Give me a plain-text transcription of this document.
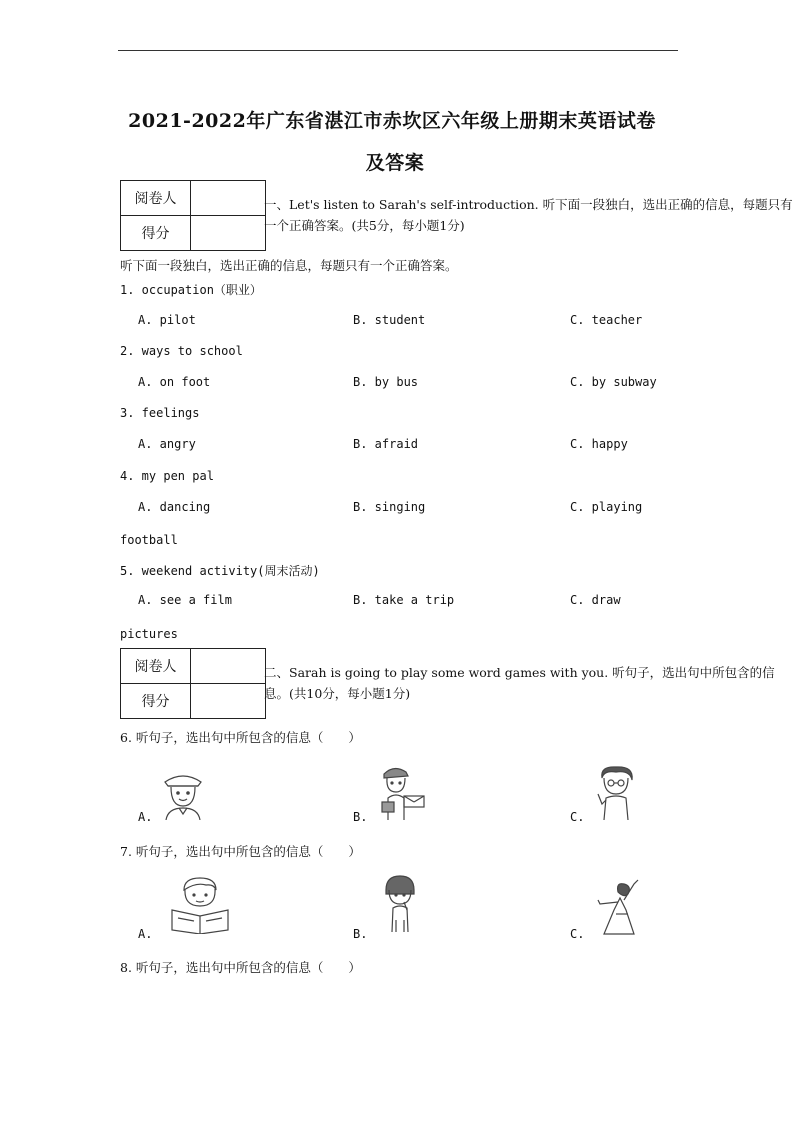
2021-2022年广东省湛江市赤坎区六年级上册期末英语试卷
及答案
阅卷人	
得分	
一、Let's listen to Sarah's self-introduction. 听下面一段独白，选出正确的信息，每题只有一个正确答案。(共5分，每小题1分)
听下面一段独白，选出正确的信息，每题只有一个正确答案。
1. occupation（职业）
A. pilot	B. student	C. teacher
2. ways to school
A. on foot	B. by bus	C. by subway
3. feelings
A. angry	B. afraid	C. happy
4. my pen pal
A. dancing	B. singing	C. playing
football
5. weekend activity(周末活动)
A. see a film	B. take a trip	C. draw
pictures
阅卷人	
得分	
二、Sarah is going to play some word games with you. 听句子，选出句中所包含的信息。(共10分，每小题1分)
6. 听句子，选出句中所包含的信息（　　）
A.	B.	C.
7. 听句子，选出句中所包含的信息（　　）
A.	B.	C.
8. 听句子，选出句中所包含的信息（　　）
